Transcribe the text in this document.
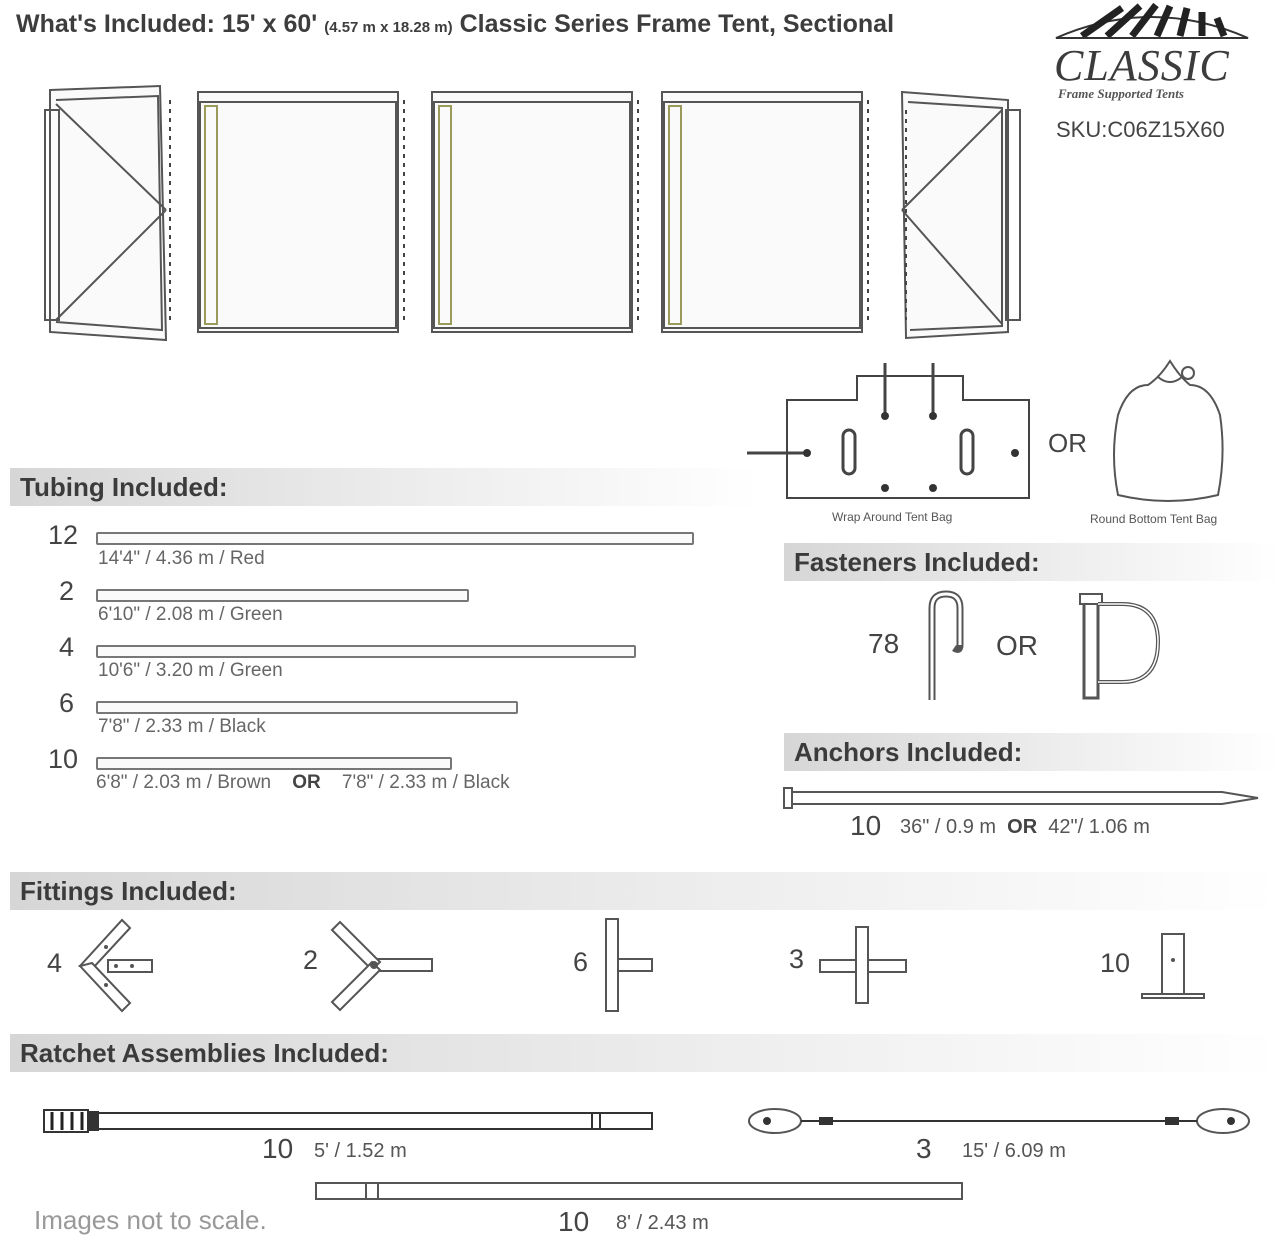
What's Included: 15' x 60' (4.57 m x 18.28 m) Classic Series Frame Tent, Sectional
CLASSIC
Frame Supported Tents
SKU:C06Z15X60
Wrap Around Tent Bag
OR
Round Bottom Tent Bag
Tubing Included:
12
14'4" / 4.36 m / Red
2
6'10" / 2.08 m / Green
4
10'6" / 3.20 m / Green
6
7'8" / 2.33 m / Black
10
6'8" / 2.03 m / Brown OR 7'8" / 2.33 m / Black
Fasteners Included:
78	OR
Anchors Included:
10 36" / 0.9 m OR 42"/ 1.06 m
Fittings Included:
4	2	6	3	10
Ratchet Assemblies Included:
10 5' / 1.52 m	3 15' / 6.09 m
10 8' / 2.43 m
Images not to scale.
